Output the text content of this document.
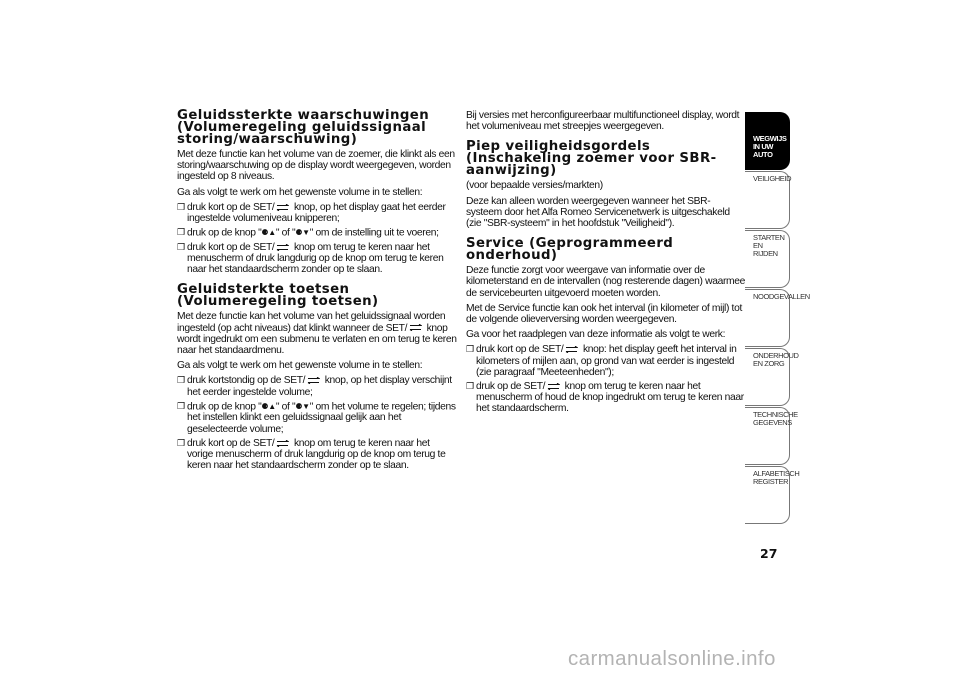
Geluidssterkte waarschuwingen (Volumeregeling geluidssignaal storing/waarschuwing)

Met deze functie kan het volume van de zoemer, die klinkt als een storing/waarschuwing op de display wordt weergegeven, worden ingesteld op 8 niveaus.

Ga als volgt te werk om het gewenste volume in te stellen:

❒ druk kort op de SET/
knop, op het display gaat het eerder ingestelde volumeniveau knipperen;
❒ druk op de knop "⚈▲" of "⚈▼" om de instelling uit te voeren;
❒ druk kort op de SET/
knop om terug te keren naar het menuscherm of druk langdurig op de knop om terug te keren naar het standaardscherm zonder op te slaan.
Geluidsterkte toetsen (Volumeregeling toetsen)

Met deze functie kan het volume van het geluidssignaal worden ingesteld (op acht niveaus) dat klinkt wanneer de SET/
knop wordt ingedrukt om een submenu te verlaten en om terug te keren naar het standaardmenu.

Ga als volgt te werk om het gewenste volume in te stellen:

❒ druk kortstondig op de SET/
knop, op het display verschijnt het eerder ingestelde volume;
❒ druk op de knop "⚈▲" of "⚈▼" om het volume te regelen; tijdens het instellen klinkt een geluidssignaal gelijk aan het geselecteerde volume;
❒ druk kort op de SET/
knop om terug te keren naar het vorige menuscherm of druk langdurig op de knop om terug te keren naar het standaardscherm zonder op te slaan.

Bij versies met herconfigureerbaar multifunctioneel display, wordt het volumeniveau met streepjes weergegeven.

Piep veiligheidsgordels (Inschakeling zoemer voor SBR-aanwijzing)

(voor bepaalde versies/markten)

Deze kan alleen worden weergegeven wanneer het SBR-systeem door het Alfa Romeo Servicenetwerk is uitgeschakeld (zie "SBR-systeem" in het hoofdstuk "Veiligheid").

Service (Geprogrammeerd onderhoud)

Deze functie zorgt voor weergave van informatie over de kilometerstand en de intervallen (nog resterende dagen) waarmee de servicebeurten uitgevoerd moeten worden.

Met de Service functie kan ook het interval (in kilometer of mijl) tot de volgende olieverversing worden weergegeven.

Ga voor het raadplegen van deze informatie als volgt te werk:

❒ druk kort op de SET/
knop: het display geeft het interval in kilometers of mijlen aan, op grond van wat eerder is ingesteld (zie paragraaf "Meeteenheden");
❒ druk op de SET/
knop om terug te keren naar het menuscherm of houd de knop ingedrukt om terug te keren naar het standaardscherm.
WEGWIJS IN UW AUTO
VEILIGHEID
STARTEN EN RIJDEN
NOODGEVALLEN
ONDERHOUD EN ZORG
TECHNISCHE GEGEVENS
ALFABETISCH REGISTER
27
carmanualsonline.info
